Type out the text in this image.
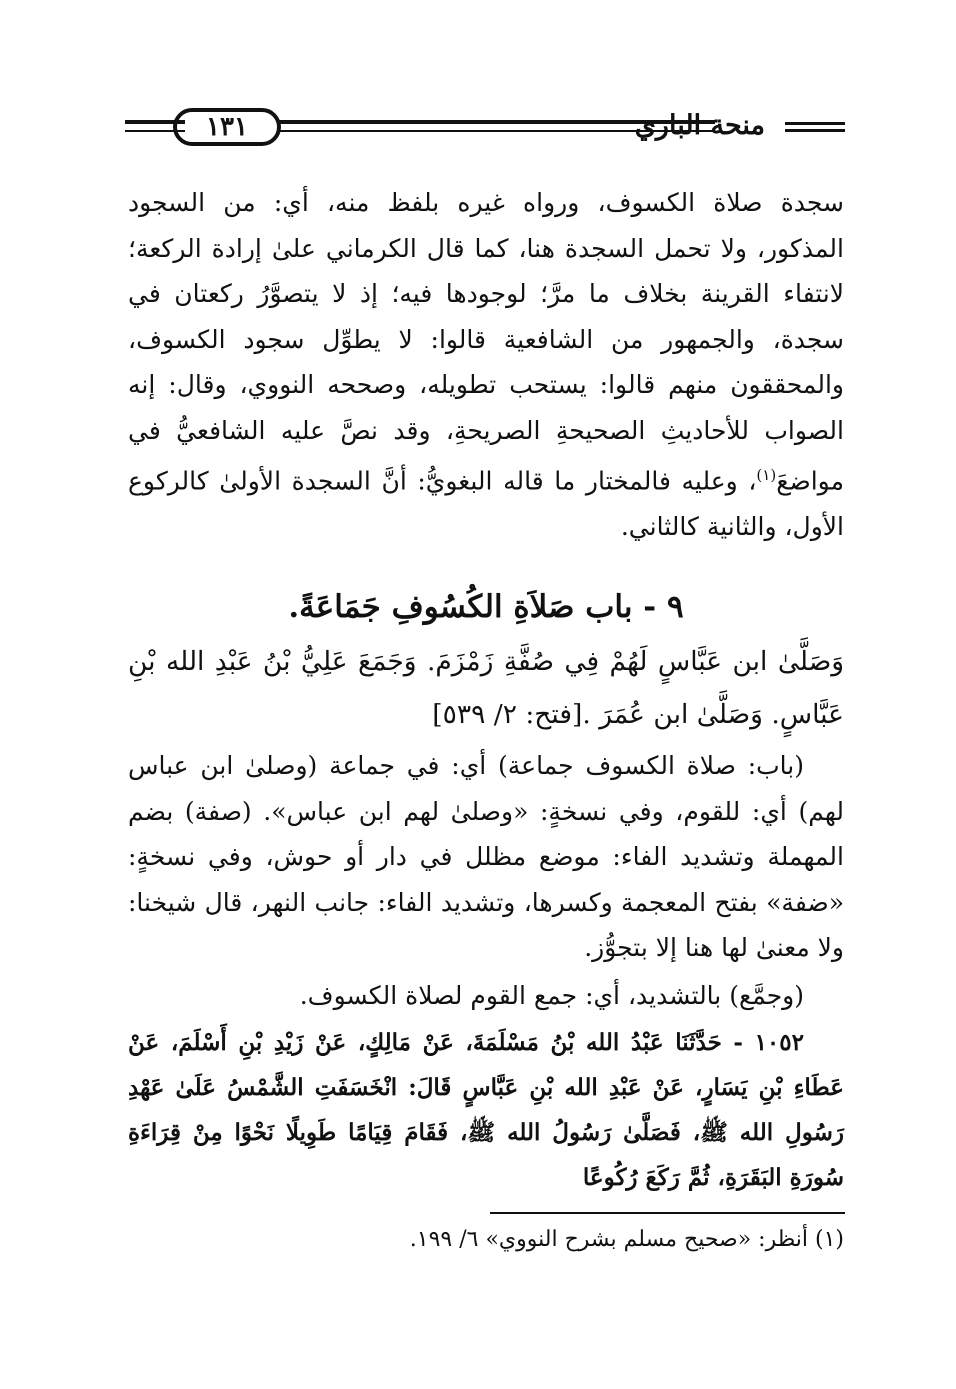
منحة الباري
١٣١

سجدة صلاة الكسوف، ورواه غيره بلفظ منه، أي: من السجود المذكور، ولا تحمل السجدة هنا، كما قال الكرماني علىٰ إرادة الركعة؛ لانتفاء القرينة بخلاف ما مرَّ؛ لوجودها فيه؛ إذ لا يتصوَّرُ ركعتان في سجدة، والجمهور من الشافعية قالوا: لا يطوِّل سجود الكسوف، والمحققون منهم قالوا: يستحب تطويله، وصححه النووي، وقال: إنه الصواب للأحاديثِ الصحيحةِ الصريحةِ، وقد نصَّ عليه الشافعيُّ في مواضعَ$^{(١)}$، وعليه فالمختار ما قاله البغويُّ: أنَّ السجدة الأولىٰ كالركوع الأول، والثانية كالثاني.

٩ - باب صَلاَةِ الكُسُوفِ جَمَاعَةً.

وَصَلَّىٰ ابن عَبَّاسٍ لَهُمْ فِي صُفَّةِ زَمْزَمَ. وَجَمَعَ عَلِيُّ بْنُ عَبْدِ الله بْنِ عَبَّاسٍ. وَصَلَّىٰ ابن عُمَرَ .[فتح: ٢/ ٥٣٩]

(باب: صلاة الكسوف جماعة) أي: في جماعة (وصلىٰ ابن عباس لهم) أي: للقوم، وفي نسخةٍ: «وصلىٰ لهم ابن عباس». (صفة) بضم المهملة وتشديد الفاء: موضع مظلل في دار أو حوش، وفي نسخةٍ: «ضفة» بفتح المعجمة وكسرها، وتشديد الفاء: جانب النهر، قال شيخنا: ولا معنىٰ لها هنا إلا بتجوُّز.

(وجمَّع) بالتشديد، أي: جمع القوم لصلاة الكسوف.

١٠٥٢ - حَدَّثَنَا عَبْدُ الله بْنُ مَسْلَمَةَ، عَنْ مَالِكٍ، عَنْ زَيْدِ بْنِ أَسْلَمَ، عَنْ عَطَاءِ بْنِ يَسَارٍ، عَنْ عَبْدِ الله بْنِ عَبَّاسٍ قَالَ: انْخَسَفَتِ الشَّمْسُ عَلَىٰ عَهْدِ رَسُولِ الله ﷺ، فَصَلَّىٰ رَسُولُ الله ﷺ، فَقَامَ قِيَامًا طَوِيلًا نَحْوًا مِنْ قِرَاءَةِ سُورَةِ البَقَرَةِ، ثُمَّ رَكَعَ رُكُوعًا

(١) أنظر: «صحيح مسلم بشرح النووي» ٦/ ١٩٩.
